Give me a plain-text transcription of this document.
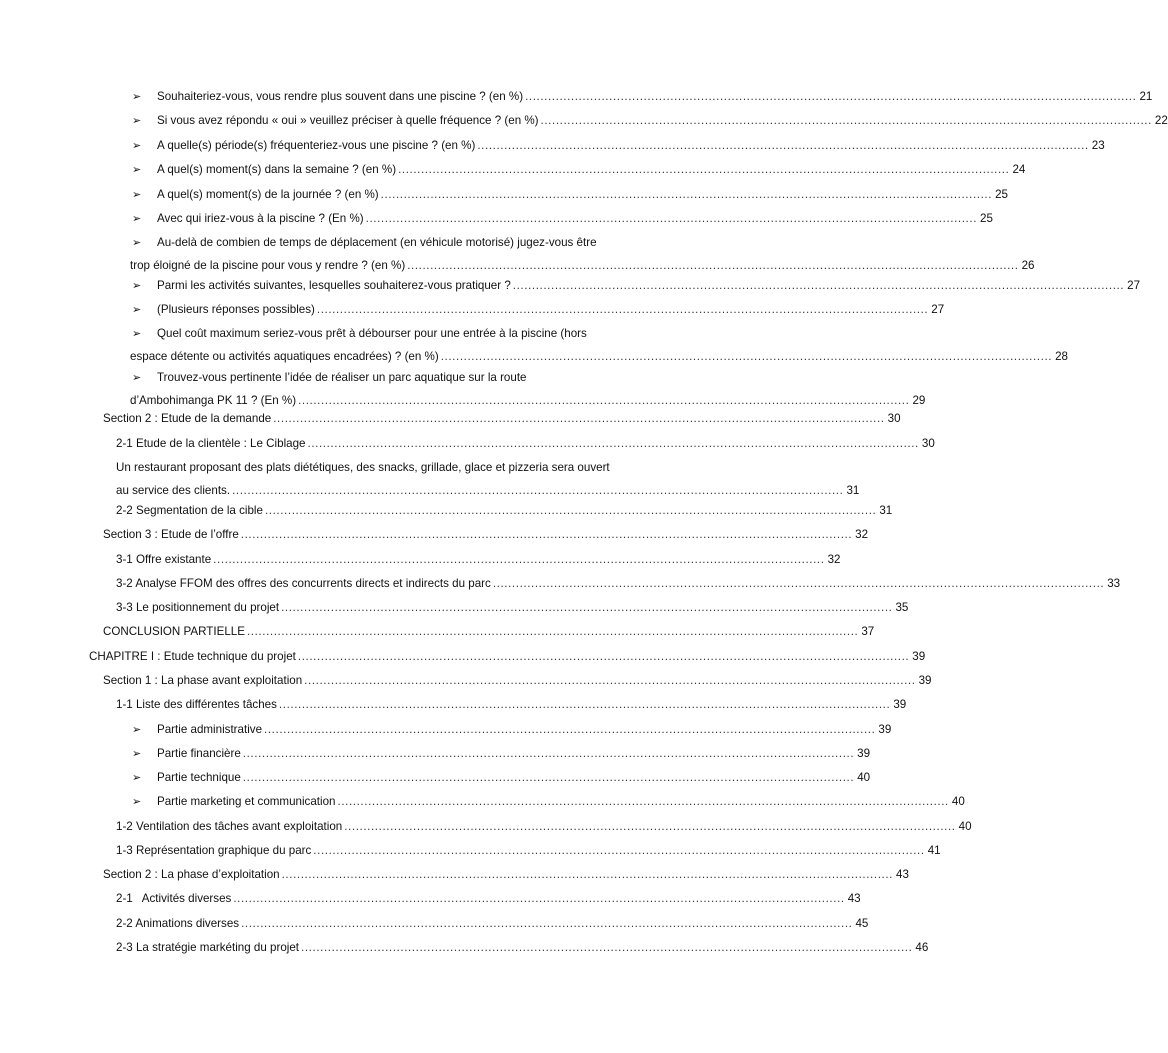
➢	Souhaiteriez-vous, vous rendre plus souvent dans une piscine ? (en %) ................................................................................................................................................................ 21
➢	Si vous avez répondu « oui » veuillez préciser à quelle fréquence ? (en %) ................................................................................................................................................................ 22
➢	A quelle(s) période(s) fréquenteriez-vous une piscine ? (en %) ................................................................................................................................................................ 23
➢	A quel(s) moment(s) dans la semaine ? (en %) ................................................................................................................................................................ 24
➢	A quel(s) moment(s) de la journée ? (en %) ................................................................................................................................................................ 25
➢	Avec qui iriez-vous à la piscine ? (En %) ................................................................................................................................................................ 25
➢ Au-delà de combien de temps de déplacement (en véhicule motorisé) jugez-vous être
trop éloigné de la piscine pour vous y rendre ? (en %) ................................................................................................................................................................ 26
➢	Parmi les activités suivantes, lesquelles souhaiterez-vous pratiquer ? ................................................................................................................................................................ 27
➢	(Plusieurs réponses possibles) ................................................................................................................................................................ 27
➢ Quel coût maximum seriez-vous prêt à débourser pour une entrée à la piscine (hors
espace détente ou activités aquatiques encadrées) ? (en %) ................................................................................................................................................................ 28
➢ Trouvez-vous pertinente l’idée de réaliser un parc aquatique sur la route
d’Ambohimanga PK 11 ? (En %) ................................................................................................................................................................ 29
Section 2 : Etude de la demande ................................................................................................................................................................ 30
2-1 Etude de la clientèle : Le Ciblage ................................................................................................................................................................ 30
Un restaurant proposant des plats diététiques, des snacks, grillade, glace et pizzeria sera ouvert
au service des clients. ................................................................................................................................................................ 31
2-2 Segmentation de la cible ................................................................................................................................................................ 31
Section 3 : Etude de l’offre ................................................................................................................................................................ 32
3-1 Offre existante ................................................................................................................................................................ 32
3-2 Analyse FFOM des offres des concurrents directs et indirects du parc ................................................................................................................................................................ 33
3-3 Le positionnement du projet ................................................................................................................................................................ 35
CONCLUSION PARTIELLE ................................................................................................................................................................ 37
CHAPITRE I : Etude technique du projet ................................................................................................................................................................ 39
Section 1 : La phase avant exploitation ................................................................................................................................................................ 39
1-1 Liste des différentes tâches ................................................................................................................................................................ 39
➢	Partie administrative ................................................................................................................................................................ 39
➢	Partie financière ................................................................................................................................................................ 39
➢	Partie technique ................................................................................................................................................................ 40
➢	Partie marketing et communication ................................................................................................................................................................ 40
1-2 Ventilation des tâches avant exploitation ................................................................................................................................................................ 40
1-3 Représentation graphique du parc ................................................................................................................................................................ 41
Section 2 : La phase d’exploitation ................................................................................................................................................................ 43
2-1   Activités diverses ................................................................................................................................................................ 43
2-2 Animations diverses ................................................................................................................................................................ 45
2-3 La stratégie markéting du projet ................................................................................................................................................................ 46
